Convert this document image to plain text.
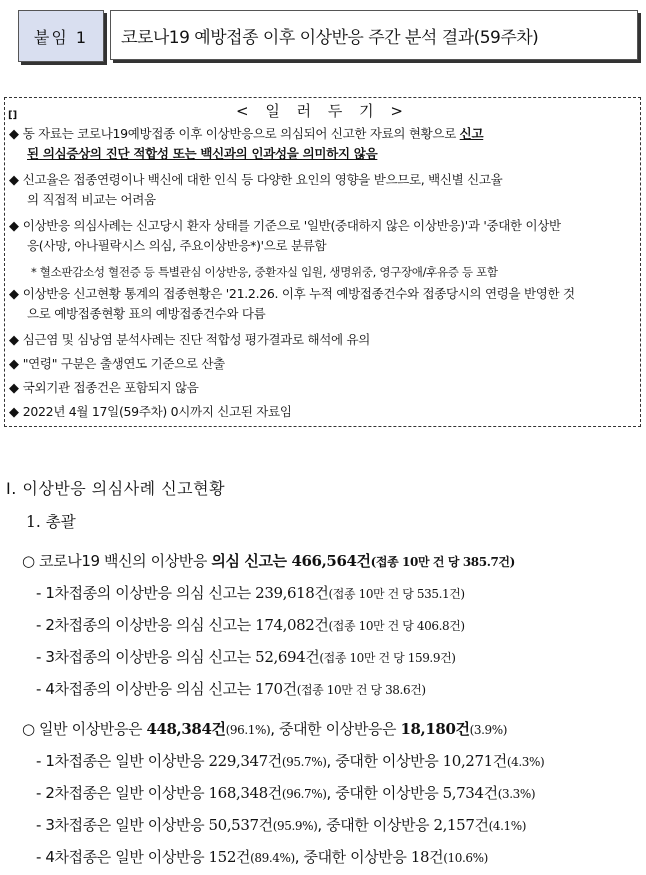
붙임 1	코로나19 예방접종 이후 이상반응 주간 분석 결과(59주차)
< 일 러 두 기 >
[]
◆ 동 자료는 코로나19예방접종 이후 이상반응으로 의심되어 신고한 자료의 현황으로 신고
된 의심증상의 진단 적합성 또는 백신과의 인과성을 의미하지 않음
◆ 신고율은 접종연령이나 백신에 대한 인식 등 다양한 요인의 영향을 받으므로, 백신별 신고율
의 직접적 비교는 어려움
◆ 이상반응 의심사례는 신고당시 환자 상태를 기준으로 '일반(중대하지 않은 이상반응)'과 '중대한 이상반
응(사망, 아나필락시스 의심, 주요이상반응*)'으로 분류함
* 혈소판감소성 혈전증 등 특별관심 이상반응, 중환자실 입원, 생명위중, 영구장애/후유증 등 포함
◆ 이상반응 신고현황 통계의 접종현황은 '21.2.26. 이후 누적 예방접종건수와 접종당시의 연령을 반영한 것
으로 예방접종현황 표의 예방접종건수와 다름
◆ 심근염 및 심낭염 분석사례는 진단 적합성 평가결과로 해석에 유의
◆ "연령" 구분은 출생연도 기준으로 산출
◆ 국외기관 접종건은 포함되지 않음
◆ 2022년 4월 17일(59주차) 0시까지 신고된 자료임
Ⅰ. 이상반응 의심사례 신고현황
1. 총괄
○ 코로나19 백신의 이상반응 의심 신고는 466,564건(접종 10만 건 당 385.7건)
- 1차접종의 이상반응 의심 신고는 239,618건(접종 10만 건 당 535.1건)
- 2차접종의 이상반응 의심 신고는 174,082건(접종 10만 건 당 406.8건)
- 3차접종의 이상반응 의심 신고는 52,694건(접종 10만 건 당 159.9건)
- 4차접종의 이상반응 의심 신고는 170건(접종 10만 건 당 38.6건)
○ 일반 이상반응은 448,384건(96.1%), 중대한 이상반응은 18,180건(3.9%)
- 1차접종은 일반 이상반응 229,347건(95.7%), 중대한 이상반응 10,271건(4.3%)
- 2차접종은 일반 이상반응 168,348건(96.7%), 중대한 이상반응 5,734건(3.3%)
- 3차접종은 일반 이상반응 50,537건(95.9%), 중대한 이상반응 2,157건(4.1%)
- 4차접종은 일반 이상반응 152건(89.4%), 중대한 이상반응 18건(10.6%)
